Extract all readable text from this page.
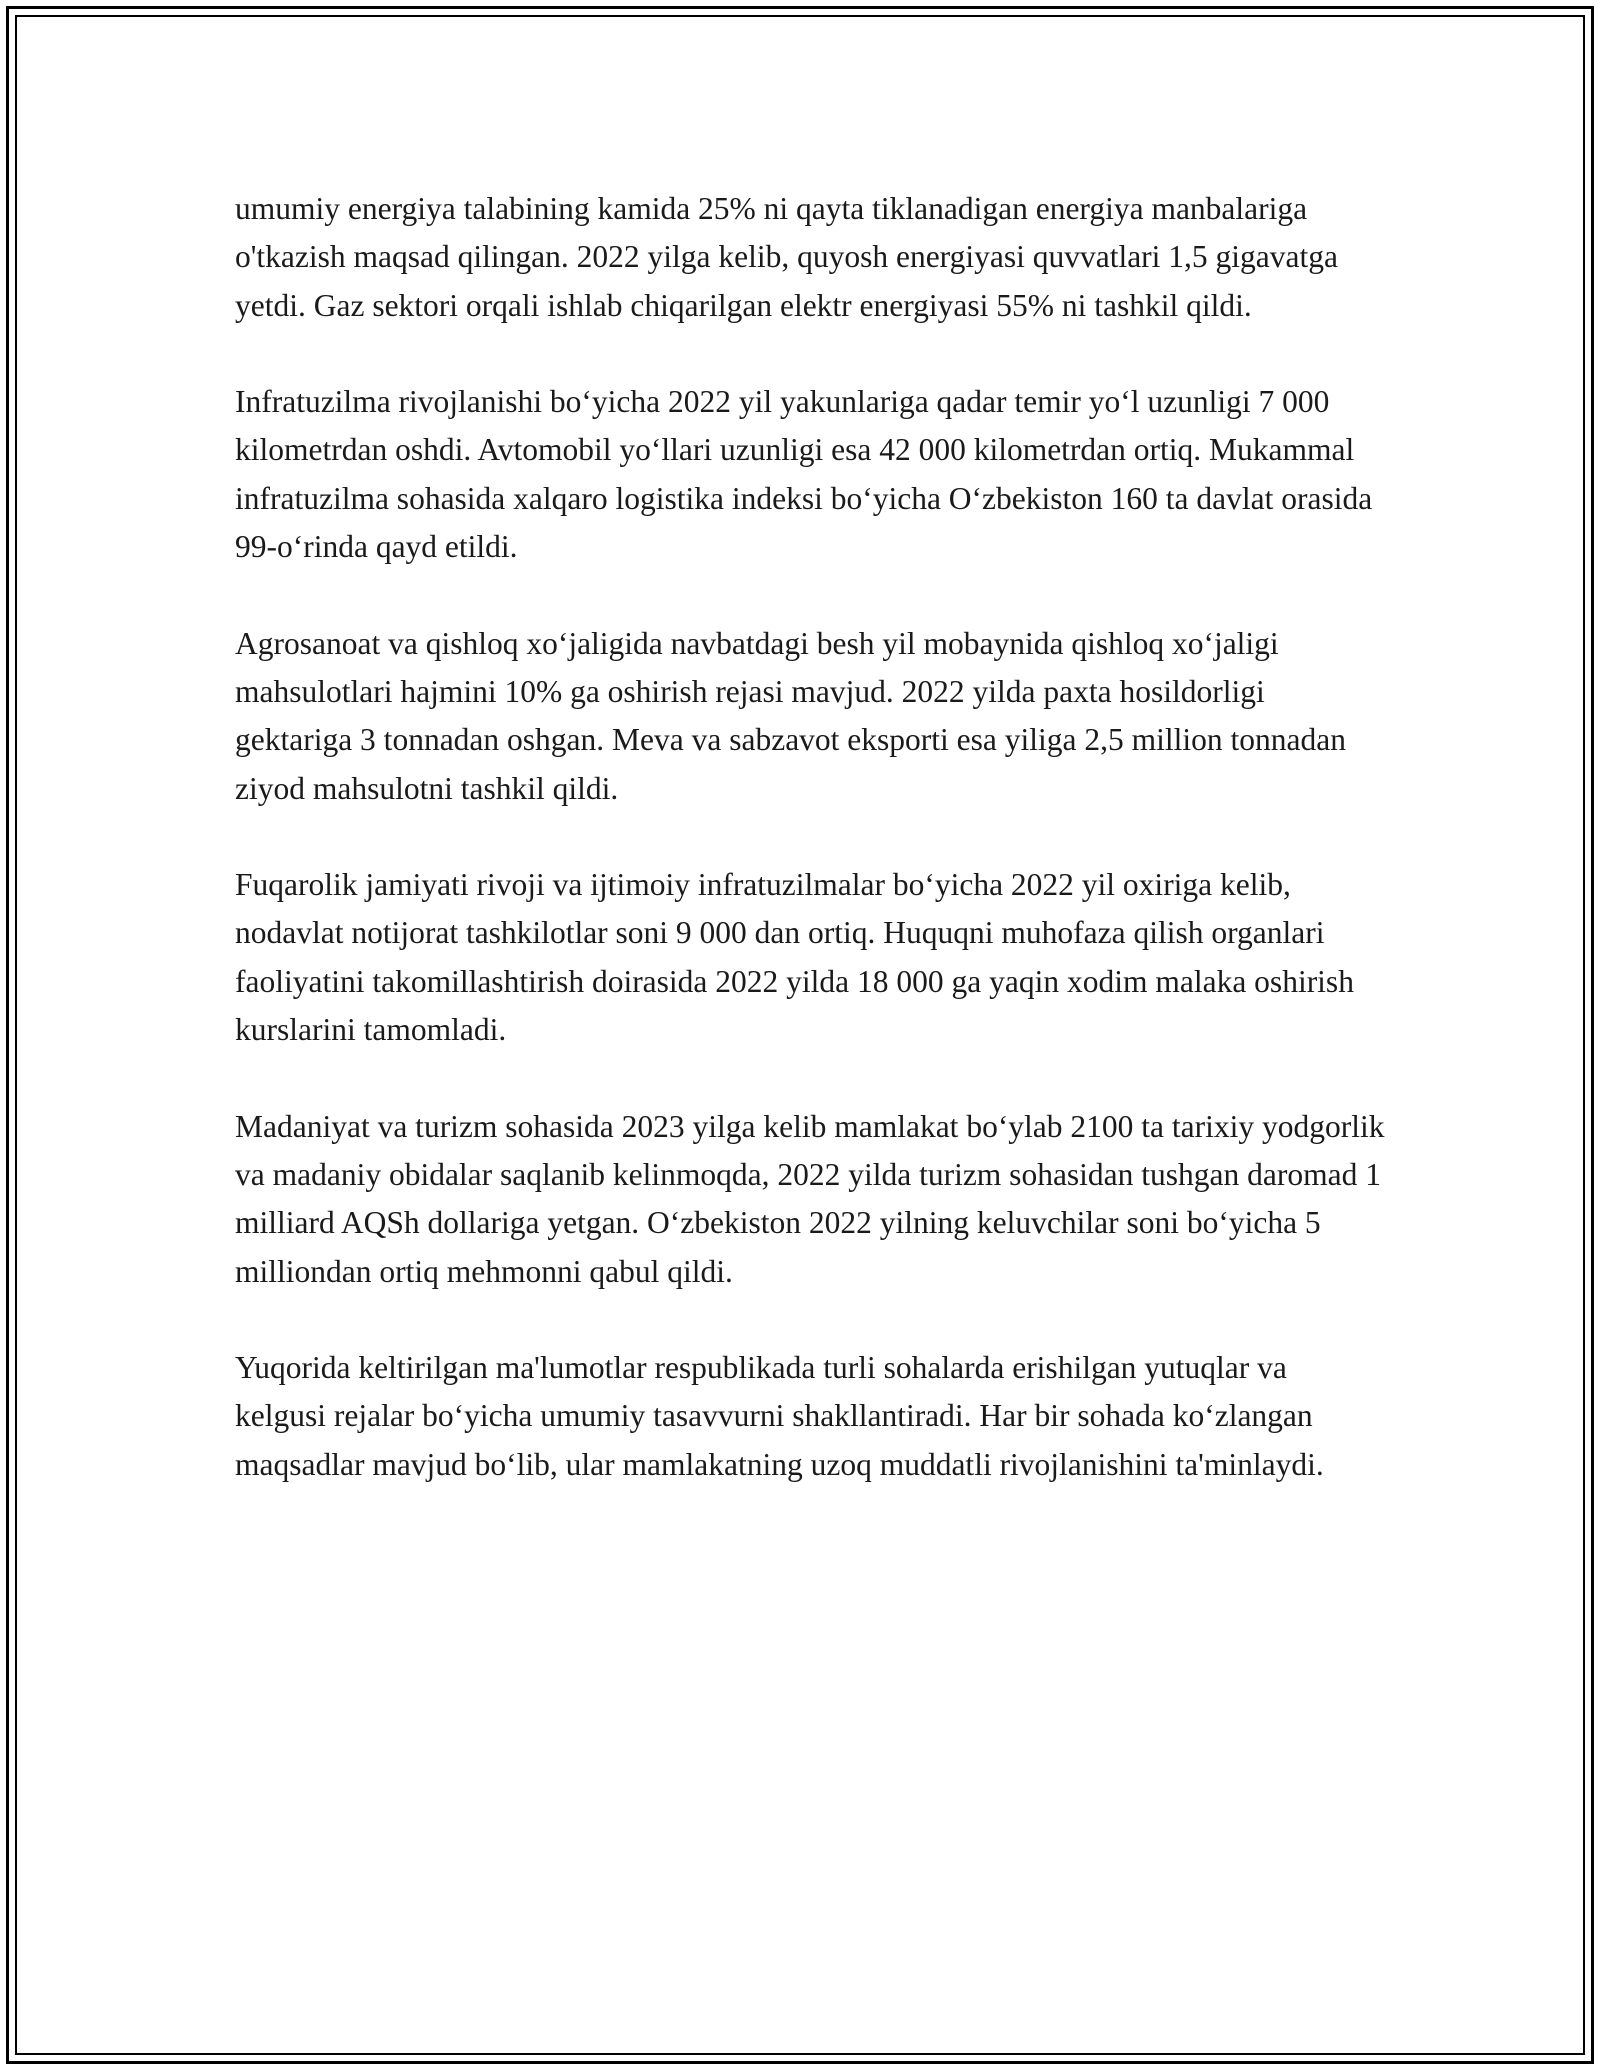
umumiy energiya talabining kamida 25% ni qayta tiklanadigan energiya manbalariga o'tkazish maqsad qilingan. 2022 yilga kelib, quyosh energiyasi quvvatlari 1,5 gigavatga yetdi. Gaz sektori orqali ishlab chiqarilgan elektr energiyasi 55% ni tashkil qildi.

Infratuzilma rivojlanishi boʻyicha 2022 yil yakunlariga qadar temir yoʻl uzunligi 7 000 kilometrdan oshdi. Avtomobil yoʻllari uzunligi esa 42 000 kilometrdan ortiq. Mukammal infratuzilma sohasida xalqaro logistika indeksi boʻyicha Oʻzbekiston 160 ta davlat orasida 99-oʻrinda qayd etildi.

Agrosanoat va qishloq xoʻjaligida navbatdagi besh yil mobaynida qishloq xoʻjaligi mahsulotlari hajmini 10% ga oshirish rejasi mavjud. 2022 yilda paxta hosildorligi gektariga 3 tonnadan oshgan. Meva va sabzavot eksporti esa yiliga 2,5 million tonnadan ziyod mahsulotni tashkil qildi.

Fuqarolik jamiyati rivoji va ijtimoiy infratuzilmalar boʻyicha 2022 yil oxiriga kelib, nodavlat notijorat tashkilotlar soni 9 000 dan ortiq. Huquqni muhofaza qilish organlari faoliyatini takomillashtirish doirasida 2022 yilda 18 000 ga yaqin xodim malaka oshirish kurslarini tamomladi.

Madaniyat va turizm sohasida 2023 yilga kelib mamlakat boʻylab 2100 ta tarixiy yodgorlik va madaniy obidalar saqlanib kelinmoqda, 2022 yilda turizm sohasidan tushgan daromad 1 milliard AQSh dollariga yetgan. Oʻzbekiston 2022 yilning keluvchilar soni boʻyicha 5 milliondan ortiq mehmonni qabul qildi.

Yuqorida keltirilgan ma'lumotlar respublikada turli sohalarda erishilgan yutuqlar va kelgusi rejalar boʻyicha umumiy tasavvurni shakllantiradi. Har bir sohada koʻzlangan maqsadlar mavjud boʻlib, ular mamlakatning uzoq muddatli rivojlanishini ta'minlaydi.
